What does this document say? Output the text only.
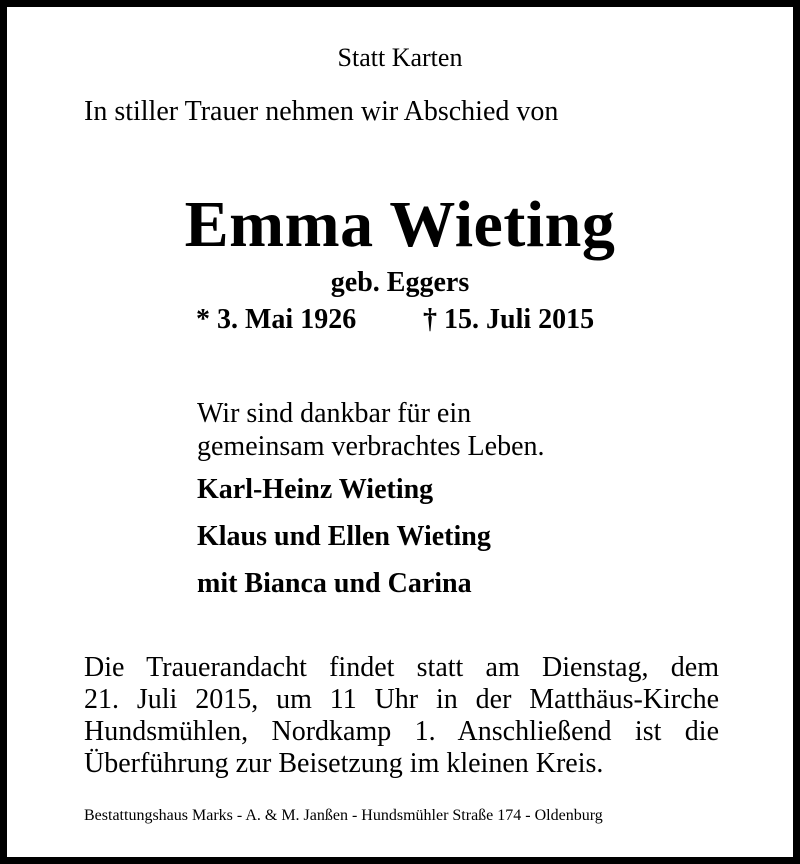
Statt Karten

In stiller Trauer nehmen wir Abschied von

Emma Wieting

geb. Eggers

* 3. Mai 1926 † 15. Juli 2015

Wir sind dankbar für ein
gemeinsam verbrachtes Leben.

Karl-Heinz Wieting

Klaus und Ellen Wieting

mit Bianca und Carina

Die Trauerandacht findet statt am Dienstag, dem
21. Juli 2015, um 11 Uhr in der Matthäus-Kirche
Hundsmühlen, Nordkamp 1. Anschließend ist die
Überführung zur Beisetzung im kleinen Kreis.

Bestattungshaus Marks - A. & M. Janßen - Hundsmühler Straße 174 - Oldenburg
